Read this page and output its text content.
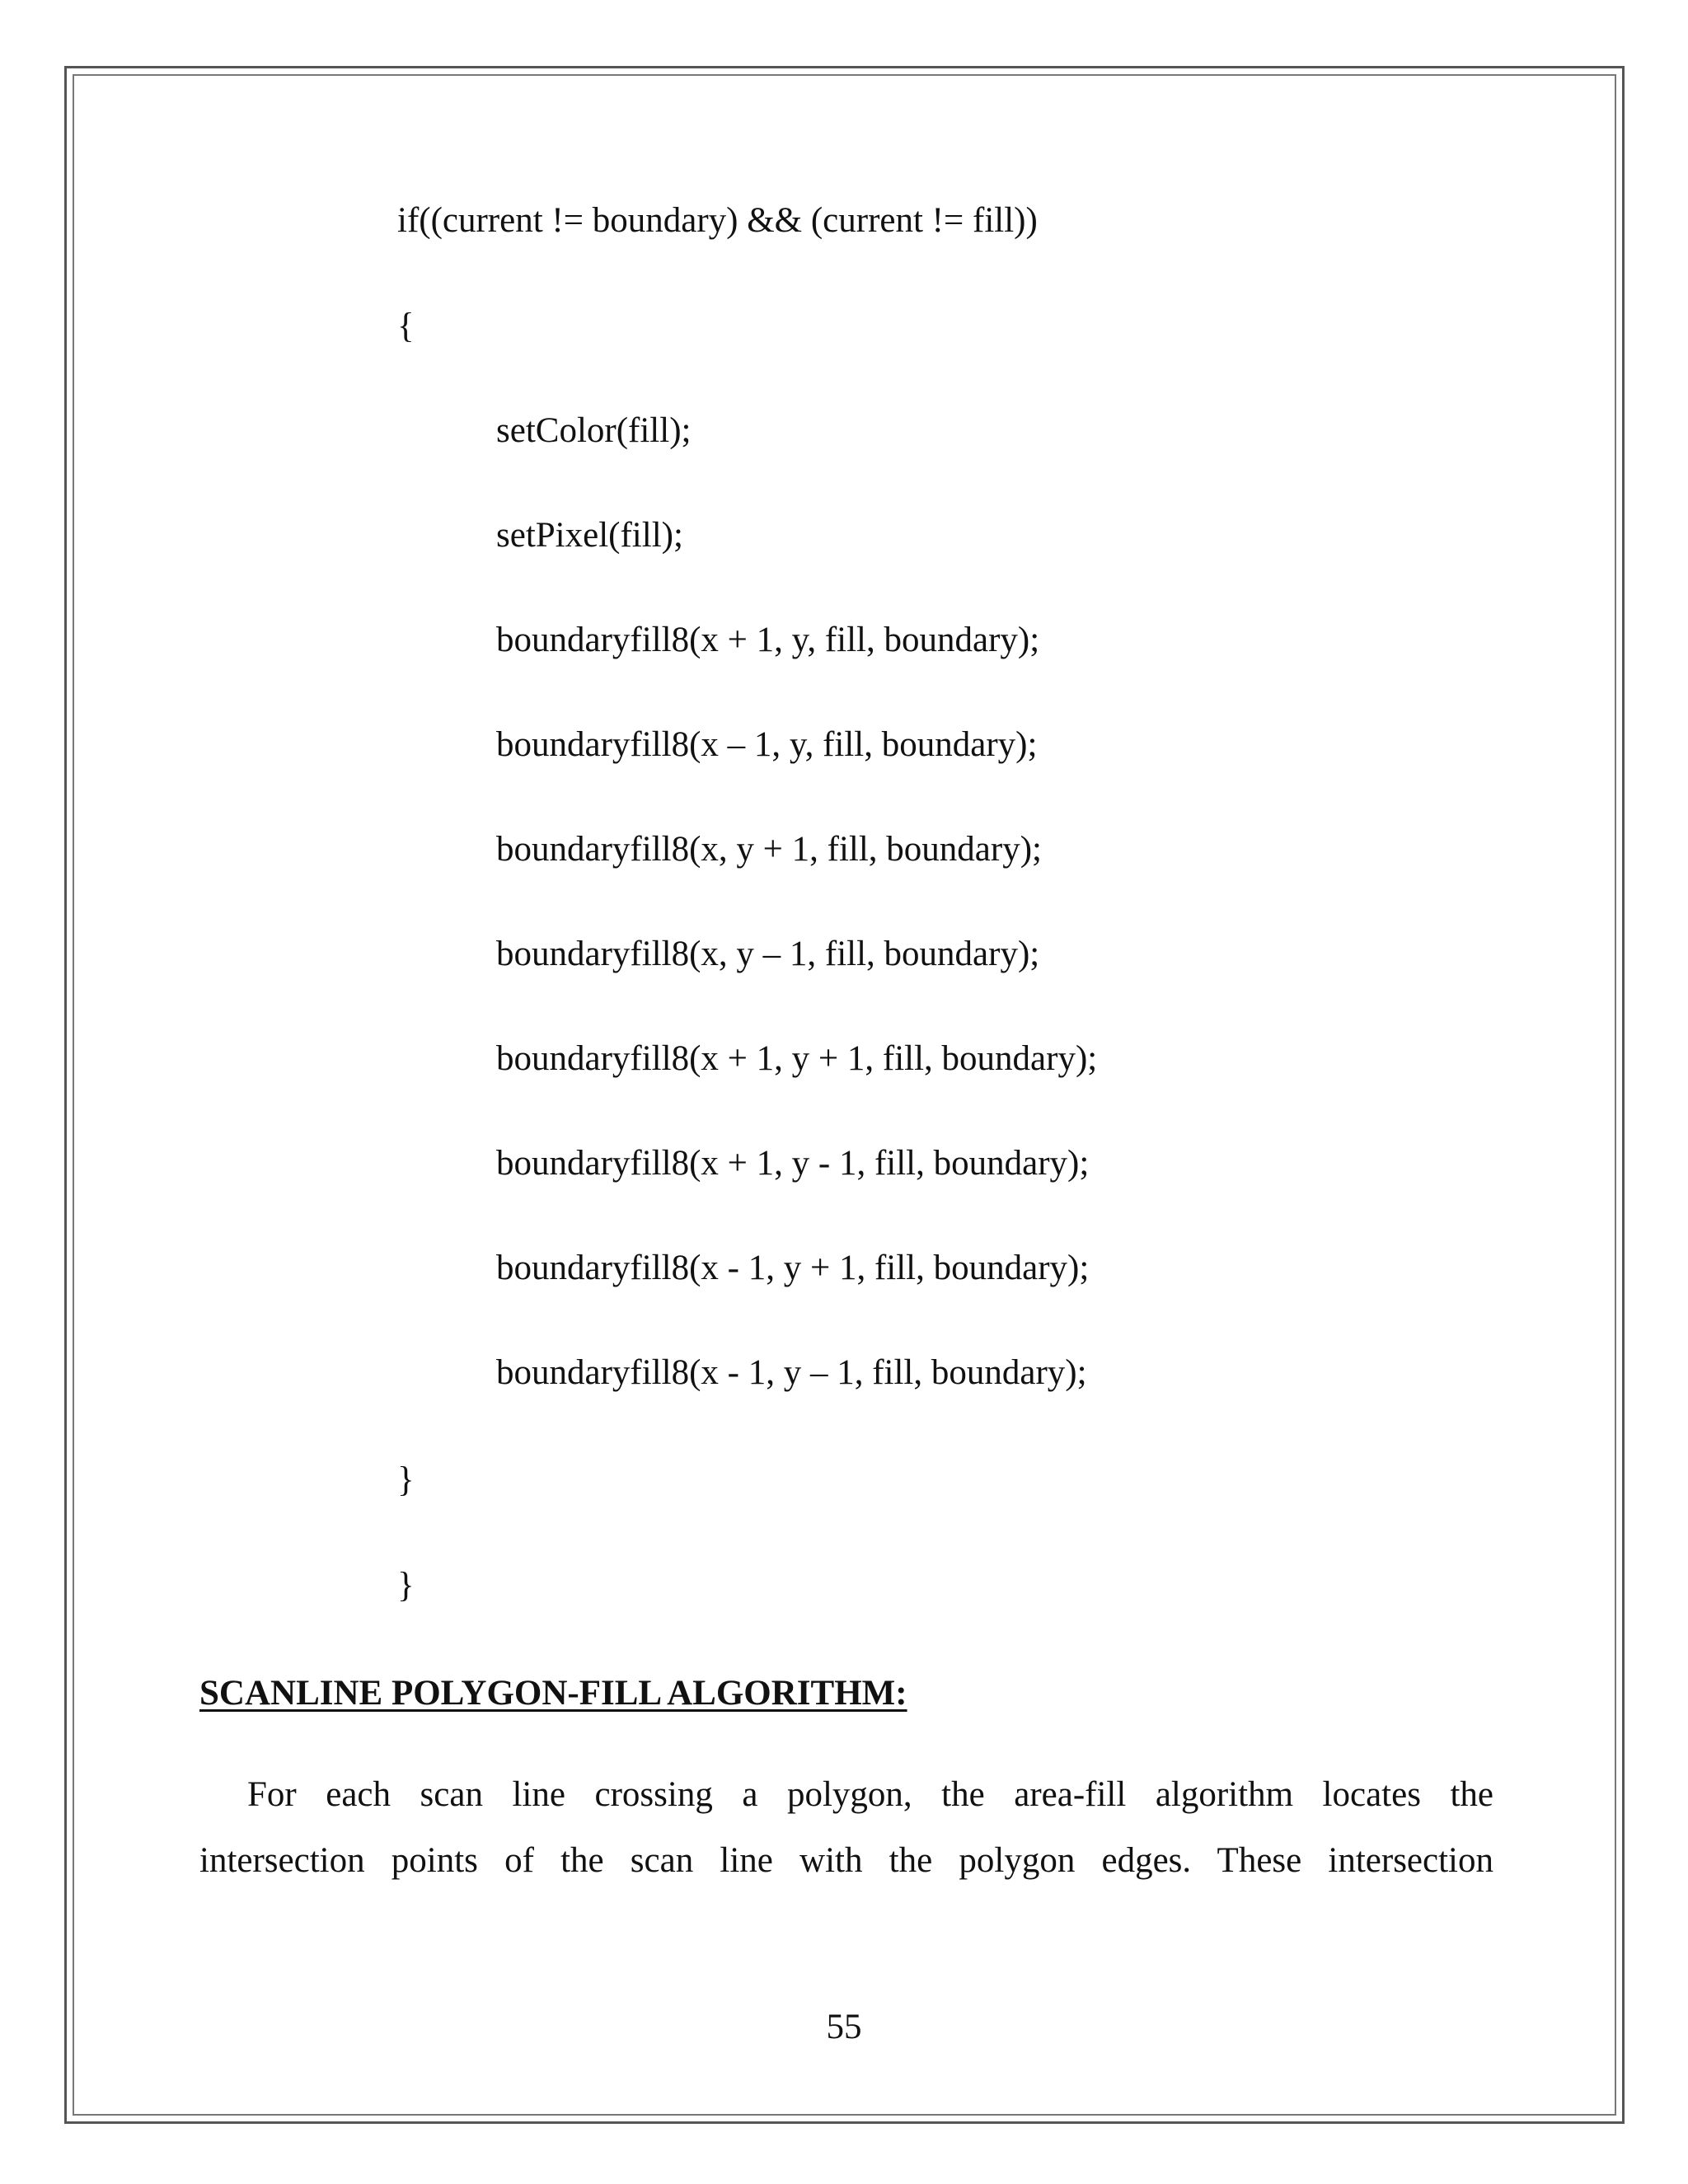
if((current != boundary) && (current != fill))

{

setColor(fill);

setPixel(fill);

boundaryfill8(x + 1, y, fill, boundary);

boundaryfill8(x – 1, y, fill, boundary);

boundaryfill8(x, y + 1, fill, boundary);

boundaryfill8(x, y – 1, fill, boundary);

boundaryfill8(x + 1, y + 1, fill, boundary);

boundaryfill8(x + 1, y - 1, fill, boundary);

boundaryfill8(x - 1, y + 1, fill, boundary);

boundaryfill8(x - 1, y – 1, fill, boundary);

}

}

SCANLINE POLYGON-FILL ALGORITHM:

For each scan line crossing a polygon, the area-fill algorithm locates the

intersection points of the scan line with the polygon edges. These intersection

55
